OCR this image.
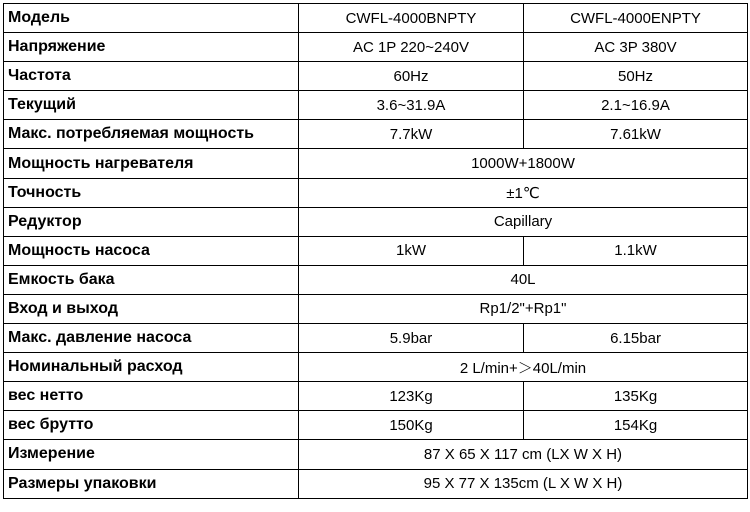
Модель	CWFL-4000BNPTY	CWFL-4000ENPTY
Напряжение	AC 1P 220~240V	AC 3P 380V
Частота	60Hz	50Hz
Текущий	3.6~31.9A	2.1~16.9A
Макс. потребляемая мощность	7.7kW	7.61kW
Мощность нагревателя	1000W+1800W	
Точность	±1℃	
Редуктор	Capillary	
Мощность насоса	1kW	1.1kW
Емкость бака	40L	
Вход и выход	Rp1/2"+Rp1"	
Макс. давление насоса	5.9bar	6.15bar
Номинальный расход	2 L/min+＞40L/min	
вес нетто	123Kg	135Kg
вес брутто	150Kg	154Kg
Измерение	87 X 65 X 117 cm (LX W X H)	
Размеры упаковки	95 X 77 X 135cm (L X W X H)	
